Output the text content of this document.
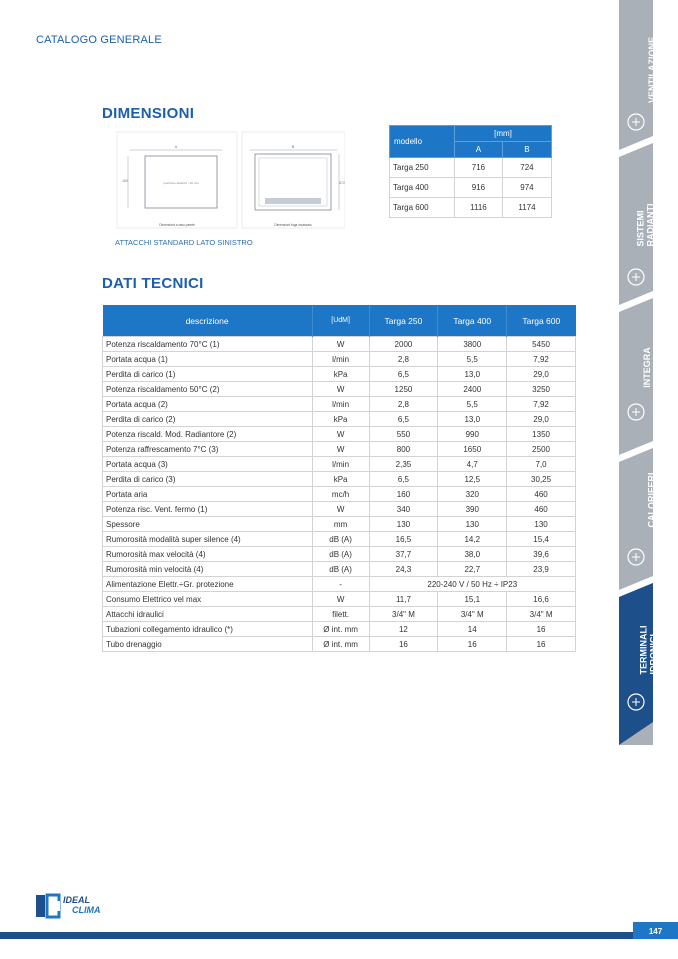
CATALOGO GENERALE
DIMENSIONI
A
150	posizione attacchi - 40 mm
B
672
Dimensioni a raso parete	Dimensioni fuga incassato
ATTACCHI STANDARD LATO SINISTRO
modello	[mm]	
	A	B
Targa 250	716	724
Targa 400	916	974
Targa 600	1116	1174
DATI TECNICI
descrizione	[UdM]	Targa 250	Targa 400	Targa 600
Potenza riscaldamento 70°C (1)	W	2000	3800	5450
Portata acqua (1)	l/min	2,8	5,5	7,92
Perdita di carico (1)	kPa	6,5	13,0	29,0
Potenza riscaldamento 50°C (2)	W	1250	2400	3250
Portata acqua (2)	l/min	2,8	5,5	7,92
Perdita di carico (2)	kPa	6,5	13,0	29,0
Potenza riscald. Mod. Radiantore (2)	W	550	990	1350
Potenza raffrescamento 7°C (3)	W	800	1650	2500
Portata acqua (3)	l/min	2,35	4,7	7,0
Perdita di carico (3)	kPa	6,5	12,5	30,25
Portata aria	mc/h	160	320	460
Potenza risc. Vent. fermo (1)	W	340	390	460
Spessore	mm	130	130	130
Rumorosità modalità super silence (4)	dB (A)	16,5	14,2	15,4
Rumorosità max velocità (4)	dB (A)	37,7	38,0	39,6
Rumorosità min velocità (4)	dB (A)	24,3	22,7	23,9
Alimentazione Elettr.÷Gr. protezione	-	220-240 V / 50 Hz ÷ IP23		
Consumo Elettrico vel max	W	11,7	15,1	16,6
Attacchi idraulici	filett.	3/4" M	3/4" M	3/4" M
Tubazioni collegamento idraulico (*)	Ø int. mm	12	14	16
Tubo drenaggio	Ø int. mm	16	16	16
VENTILAZIONE ENERGETICA
SISTEMI RADIANTI
INTEGRA BENESSERE
CALORIFERI
TERMINALI IDRONICI
IDEAL
CLIMA
147
